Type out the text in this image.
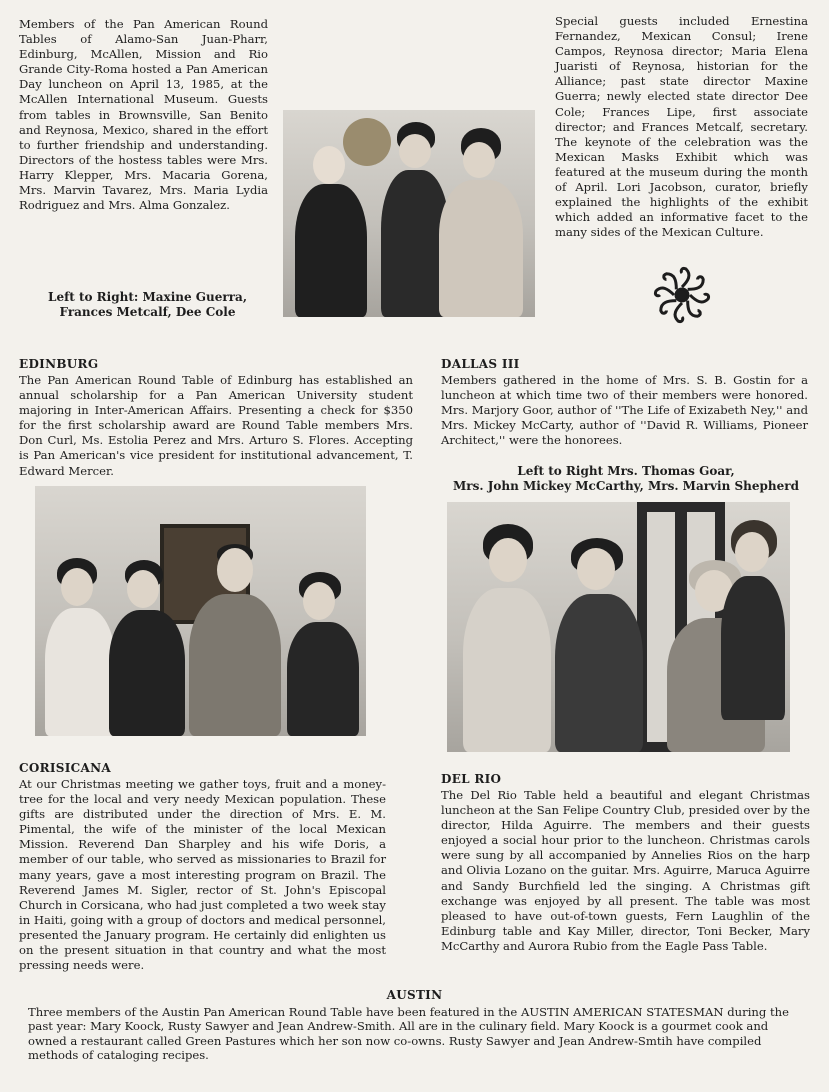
Members of the Pan American Round Tables of Alamo-San Juan-Pharr, Edinburg, McAllen, Mission and Rio Grande City-Roma hosted a Pan American Day luncheon on April 13, 1985, at the McAllen International Museum. Guests from tables in Brownsville, San Benito and Reynosa, Mexico, shared in the effort to further friendship and understanding. Directors of the hostess tables were Mrs. Harry Klepper, Mrs. Macaria Gorena, Mrs. Marvin Tavarez, Mrs. Maria Lydia Rodriguez and Mrs. Alma Gonzalez.

Left to Right: Maxine Guerra,
Frances Metcalf, Dee Cole

Special guests included Ernestina Fernandez, Mexican Consul; Irene Campos, Reynosa director; Maria Elena Juaristi of Reynosa, historian for the Alliance; past state director Maxine Guerra; newly elected state director Dee Cole; Frances Lipe, first associate director; and Frances Metcalf, secretary. The keynote of the celebration was the Mexican Masks Exhibit which was featured at the museum during the month of April. Lori Jacobson, curator, briefly explained the highlights of the exhibit which added an informative facet to the many sides of the Mexican Culture.

EDINBURG

The Pan American Round Table of Edinburg has established an annual scholarship for a Pan American University student majoring in Inter-American Affairs. Presenting a check for $350 for the first scholarship award are Round Table members Mrs. Don Curl, Ms. Estolia Perez and Mrs. Arturo S. Flores. Accepting is Pan American's vice president for institutional advancement, T. Edward Mercer.

DALLAS III

Members gathered in the home of Mrs. S. B. Gostin for a luncheon at which time two of their members were honored. Mrs. Marjory Goor, author of ''The Life of Exizabeth Ney,'' and Mrs. Mickey McCarty, author of ''David R. Williams, Pioneer Architect,'' were the honorees.

Left to Right Mrs. Thomas Goar,
Mrs. John Mickey McCarthy, Mrs. Marvin Shepherd

CORISICANA

At our Christmas meeting we gather toys, fruit and a money-tree for the local and very needy Mexican population. These gifts are distributed under the direction of Mrs. E. M. Pimental, the wife of the minister of the local Mexican Mission. Reverend Dan Sharpley and his wife Doris, a member of our table, who served as missionaries to Brazil for many years, gave a most interesting program on Brazil. The Reverend James M. Sigler, rector of St. John's Episcopal Church in Corsicana, who had just completed a two week stay in Haiti, going with a group of doctors and medical personnel, presented the January program. He certainly did enlighten us on the present situation in that country and what the most pressing needs were.

DEL RIO

The Del Rio Table held a beautiful and elegant Christmas luncheon at the San Felipe Country Club, presided over by the director, Hilda Aguirre. The members and their guests enjoyed a social hour prior to the luncheon. Christmas carols were sung by all accompanied by Annelies Rios on the harp and Olivia Lozano on the guitar. Mrs. Aguirre, Maruca Aguirre and Sandy Burchfield led the singing. A Christmas gift exchange was enjoyed by all present. The table was most pleased to have out-of-town guests, Fern Laughlin of the Edinburg table and Kay Miller, director, Toni Becker, Mary McCarthy and Aurora Rubio from the Eagle Pass Table.

AUSTIN

Three members of the Austin Pan American Round Table have been featured in the AUSTIN AMERICAN STATESMAN during the past year: Mary Koock, Rusty Sawyer and Jean Andrew-Smith. All are in the culinary field. Mary Koock is a gourmet cook and owned a restaurant called Green Pastures which her son now co-owns. Rusty Sawyer and Jean Andrew-Smtih have compiled methods of cataloging recipes.
